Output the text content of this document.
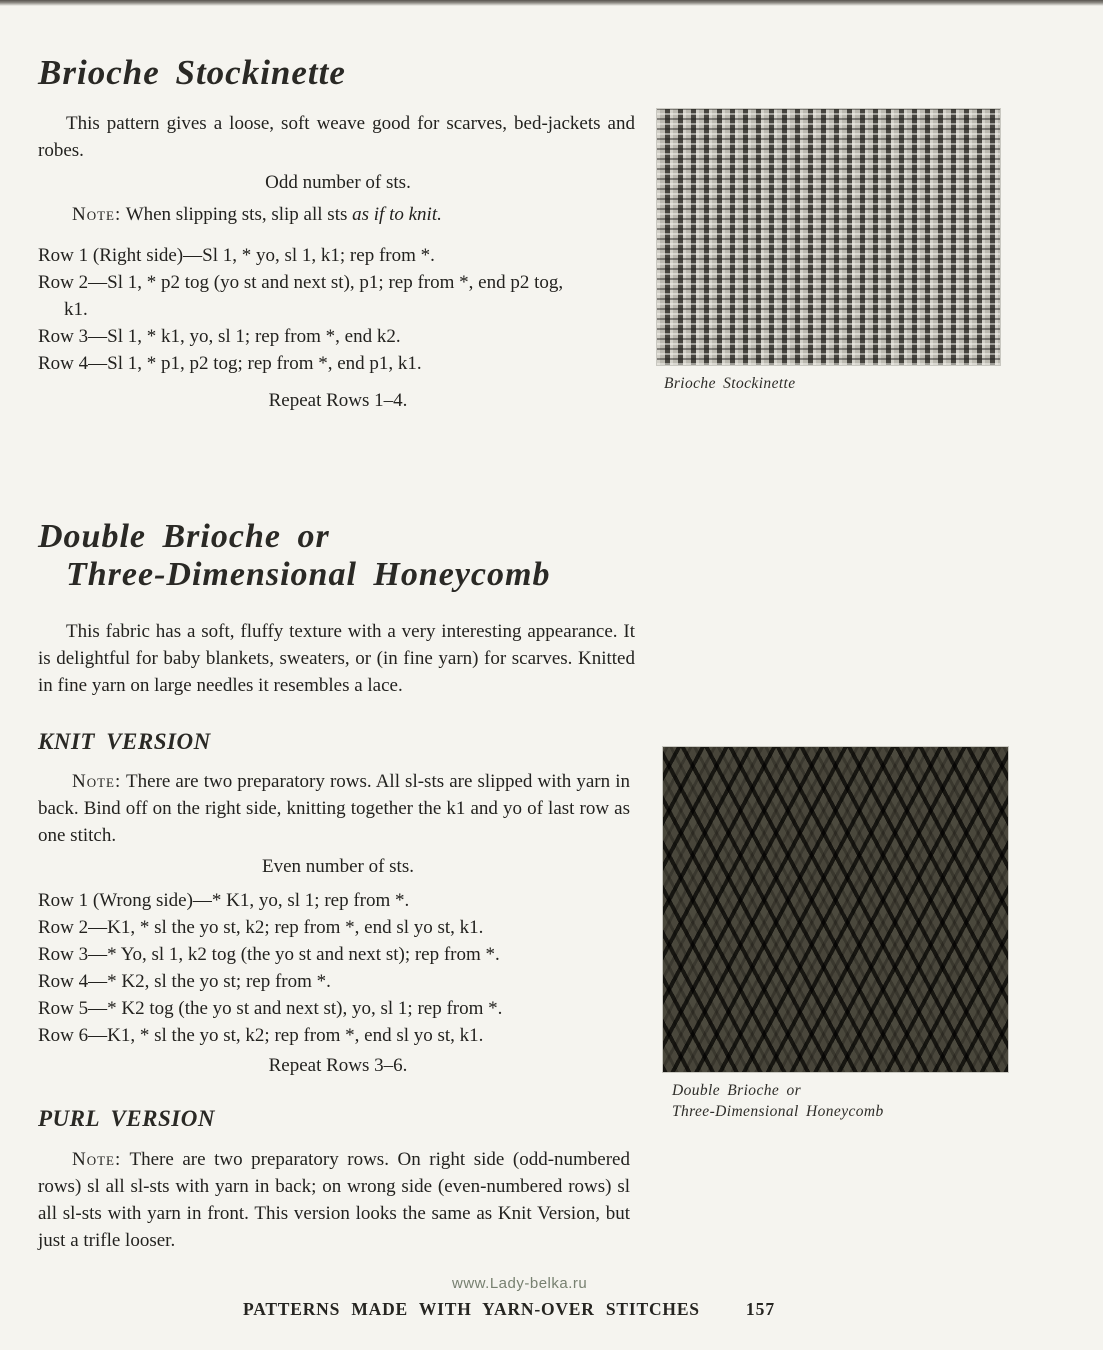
Brioche Stockinette
This pattern gives a loose, soft weave good for scarves, bed-jackets and robes.
Odd number of sts.
Note: When slipping sts, slip all sts as if to knit.
Row 1 (Right side)—Sl 1, * yo, sl 1, k1; rep from *.
Row 2—Sl 1, * p2 tog (yo st and next st), p1; rep from *, end p2 tog, k1.
Row 3—Sl 1, * k1, yo, sl 1; rep from *, end k2.
Row 4—Sl 1, * p1, p2 tog; rep from *, end p1, k1.
Repeat Rows 1–4.
Double Brioche or
Three-Dimensional Honeycomb
This fabric has a soft, fluffy texture with a very interesting appearance. It is delightful for baby blankets, sweaters, or (in fine yarn) for scarves. Knitted in fine yarn on large needles it resembles a lace.
KNIT VERSION
Note: There are two preparatory rows. All sl-sts are slipped with yarn in back. Bind off on the right side, knitting together the k1 and yo of last row as one stitch.
Even number of sts.
Row 1 (Wrong side)—* K1, yo, sl 1; rep from *.
Row 2—K1, * sl the yo st, k2; rep from *, end sl yo st, k1.
Row 3—* Yo, sl 1, k2 tog (the yo st and next st); rep from *.
Row 4—* K2, sl the yo st; rep from *.
Row 5—* K2 tog (the yo st and next st), yo, sl 1; rep from *.
Row 6—K1, * sl the yo st, k2; rep from *, end sl yo st, k1.
Repeat Rows 3–6.
PURL VERSION
Note: There are two preparatory rows. On right side (odd-numbered rows) sl all sl-sts with yarn in back; on wrong side (even-numbered rows) sl all sl-sts with yarn in front. This version looks the same as Knit Version, but just a trifle looser.
Brioche Stockinette
Double Brioche or
Three-Dimensional Honeycomb
www.Lady-belka.ru
PATTERNS MADE WITH YARN-OVER STITCHES	157
